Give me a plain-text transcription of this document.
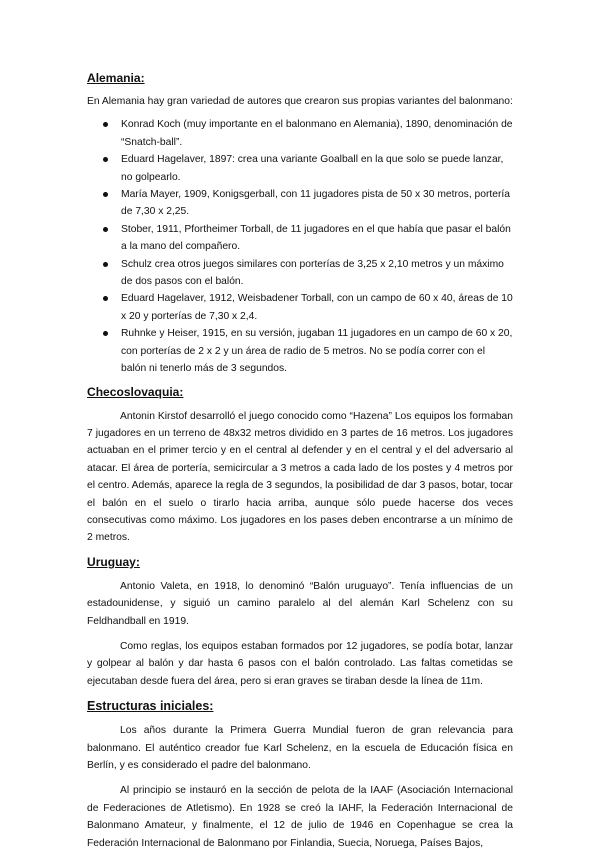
Alemania:

En Alemania hay gran variedad de autores que crearon sus propias variantes del balonmano:

Konrad Koch (muy importante en el balonmano en Alemania), 1890, denominación de “Snatch-ball”.
Eduard Hagelaver, 1897: crea una variante Goalball en la que solo se puede lanzar, no golpearlo.
María Mayer, 1909, Konigsgerball, con 11 jugadores pista de 50 x 30 metros, portería de 7,30 x 2,25.
Stober, 1911, Pfortheimer Torball, de 11 jugadores en el que había que pasar el balón a la mano del compañero.
Schulz crea otros juegos similares con porterías de 3,25 x 2,10 metros y un máximo de dos pasos con el balón.
Eduard Hagelaver, 1912, Weisbadener Torball, con un campo de 60 x 40, áreas de 10 x 20 y porterías de 7,30 x 2,4.
Ruhnke y Heiser, 1915, en su versión, jugaban 11 jugadores en un campo de 60 x 20, con porterías de 2 x 2 y un área de radio de 5 metros. No se podía correr con el balón ni tenerlo más de 3 segundos.
Checoslovaquia:

Antonin Kirstof desarrolló el juego conocido como “Hazena” Los equipos los formaban 7 jugadores en un terreno de 48x32 metros dividido en 3 partes de 16 metros. Los jugadores actuaban en el primer tercio y en el central al defender y en el central y el del adversario al atacar. El área de portería, semicircular a 3 metros a cada lado de los postes y 4 metros por el centro. Además, aparece la regla de 3 segundos, la posibilidad de dar 3 pasos, botar, tocar el balón en el suelo o tirarlo hacia arriba, aunque sólo puede hacerse dos veces consecutivas como máximo. Los jugadores en los pases deben encontrarse a un mínimo de 2 metros.

Uruguay:

Antonio Valeta, en 1918, lo denominó “Balón uruguayo”. Tenía influencias de un estadounidense, y siguió un camino paralelo al del alemán Karl Schelenz con su Feldhandball en 1919.

Como reglas, los equipos estaban formados por 12 jugadores, se podía botar, lanzar y golpear al balón y dar hasta 6 pasos con el balón controlado. Las faltas cometidas se ejecutaban desde fuera del área, pero si eran graves se tiraban desde la línea de 11m.

Estructuras iniciales:

Los años durante la Primera Guerra Mundial fueron de gran relevancia para balonmano. El auténtico creador fue Karl Schelenz, en la escuela de Educación física en Berlín, y es considerado el padre del balonmano.

Al principio se instauró en la sección de pelota de la IAAF (Asociación Internacional de Federaciones de Atletismo). En 1928 se creó la IAHF, la Federación Internacional de Balonmano Amateur, y finalmente, el 12 de julio de 1946 en Copenhague se crea la Federación Internacional de Balonmano por Finlandia, Suecia, Noruega, Países Bajos,
